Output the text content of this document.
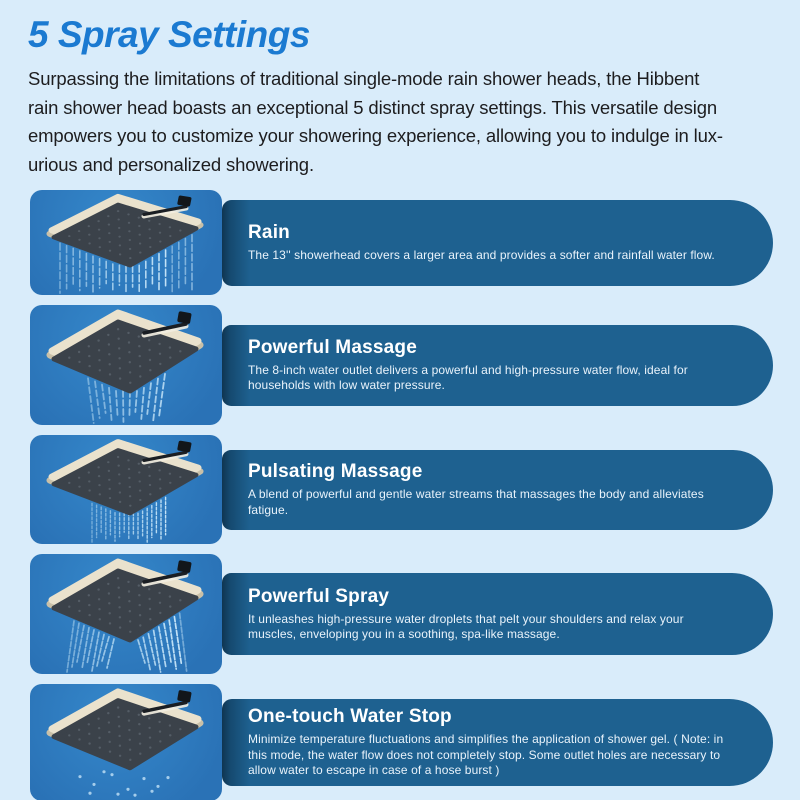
5 Spray Settings
Surpassing the limitations of traditional single-mode rain shower heads, the Hibbent
rain shower head boasts an exceptional 5 distinct spray settings. This versatile design
empowers you to customize your showering experience, allowing you to indulge in lux-
urious and personalized showering.
Rain

The 13'' showerhead covers a larger area and provides a softer and rainfall water flow.

Powerful Massage

The 8-inch water outlet delivers a powerful and high-pressure water flow, ideal for households with low water pressure.

Pulsating Massage

A blend of powerful and gentle water streams that massages the body and alleviates fatigue.

Powerful Spray

It unleashes high-pressure water droplets that pelt your shoulders and relax your muscles, enveloping you in a soothing, spa-like massage.

One-touch Water Stop

Minimize temperature fluctuations and simplifies the application of shower gel. ( Note: in this mode, the water flow does not completely stop. Some outlet holes are necessary to allow water to escape in case of a hose burst )
